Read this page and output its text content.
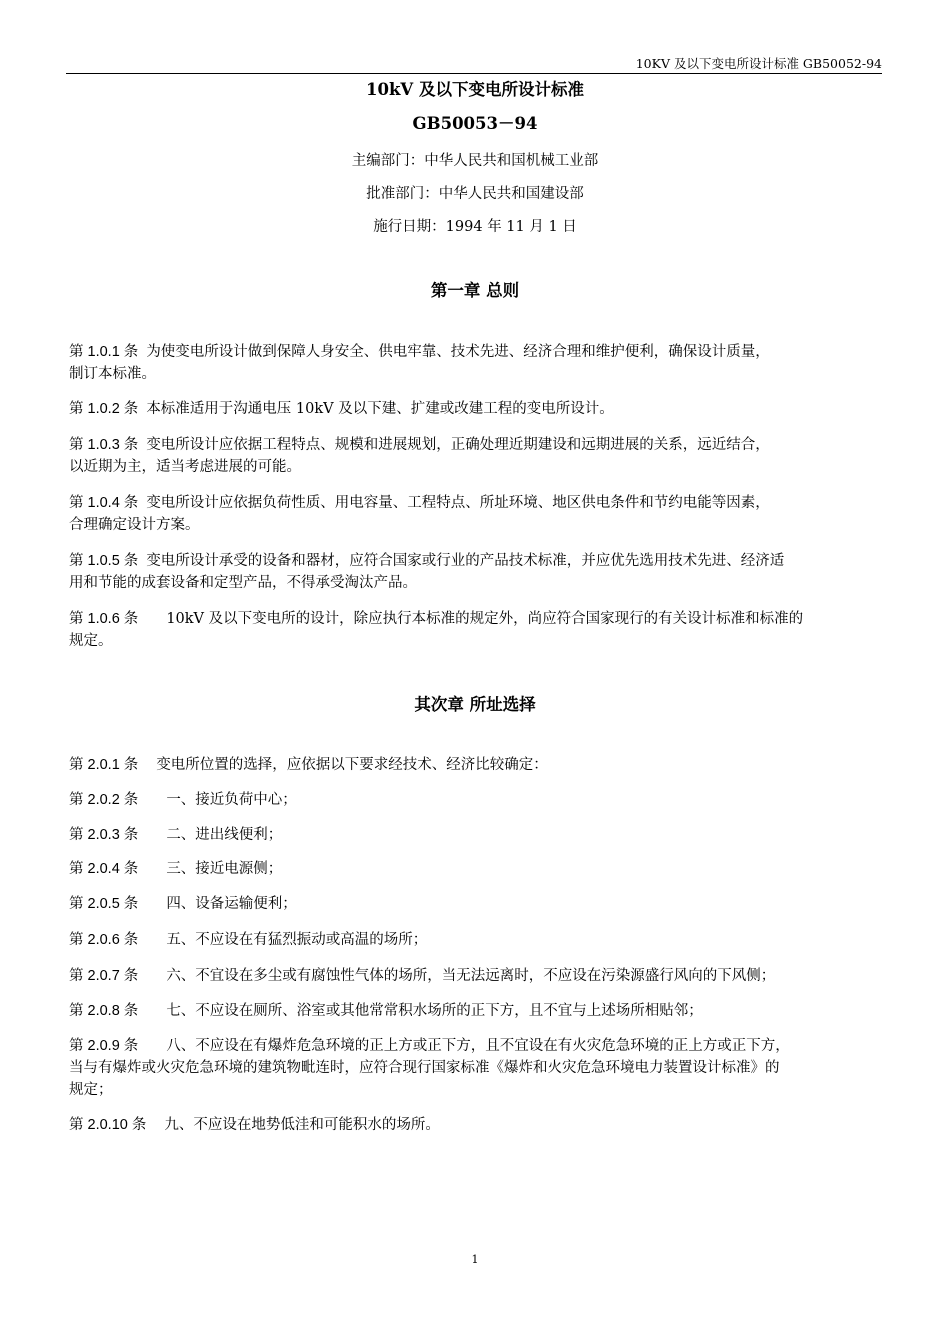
10KV 及以下变电所设计标准 GB50052-94
10kV 及以下变电所设计标准
GB50053－94
主编部门：中华人民共和国机械工业部
批准部门：中华人民共和国建设部
施行日期：1994 年 11 月 1 日
第一章 总则
第 1.0.1 条 为使变电所设计做到保障人身安全、供电牢靠、技术先进、经济合理和维护便利，确保设计质量，
制订本标准。
第 1.0.2 条 本标准适用于沟通电压 10kV 及以下建、扩建或改建工程的变电所设计。
第 1.0.3 条 变电所设计应依据工程特点、规模和进展规划，正确处理近期建设和远期进展的关系，远近结合，
以近期为主，适当考虑进展的可能。
第 1.0.4 条 变电所设计应依据负荷性质、用电容量、工程特点、所址环境、地区供电条件和节约电能等因素，
合理确定设计方案。
第 1.0.5 条 变电所设计承受的设备和器材，应符合国家或行业的产品技术标准，并应优先选用技术先进、经济适
用和节能的成套设备和定型产品，不得承受淘汰产品。
第 1.0.6 条 10kV 及以下变电所的设计，除应执行本标准的规定外，尚应符合国家现行的有关设计标准和标准的
规定。
其次章 所址选择
第 2.0.1 条 变电所位置的选择，应依据以下要求经技术、经济比较确定：
第 2.0.2 条 一、接近负荷中心；
第 2.0.3 条 二、进出线便利；
第 2.0.4 条 三、接近电源侧；
第 2.0.5 条 四、设备运输便利；
第 2.0.6 条 五、不应设在有猛烈振动或高温的场所；
第 2.0.7 条 六、不宜设在多尘或有腐蚀性气体的场所，当无法远离时，不应设在污染源盛行风向的下风侧；
第 2.0.8 条 七、不应设在厕所、浴室或其他常常积水场所的正下方，且不宜与上述场所相贴邻；
第 2.0.9 条 八、不应设在有爆炸危急环境的正上方或正下方，且不宜设在有火灾危急环境的正上方或正下方，
当与有爆炸或火灾危急环境的建筑物毗连时，应符合现行国家标准《爆炸和火灾危急环境电力装置设计标准》的
规定；
第 2.0.10 条 九、不应设在地势低洼和可能积水的场所。
1
